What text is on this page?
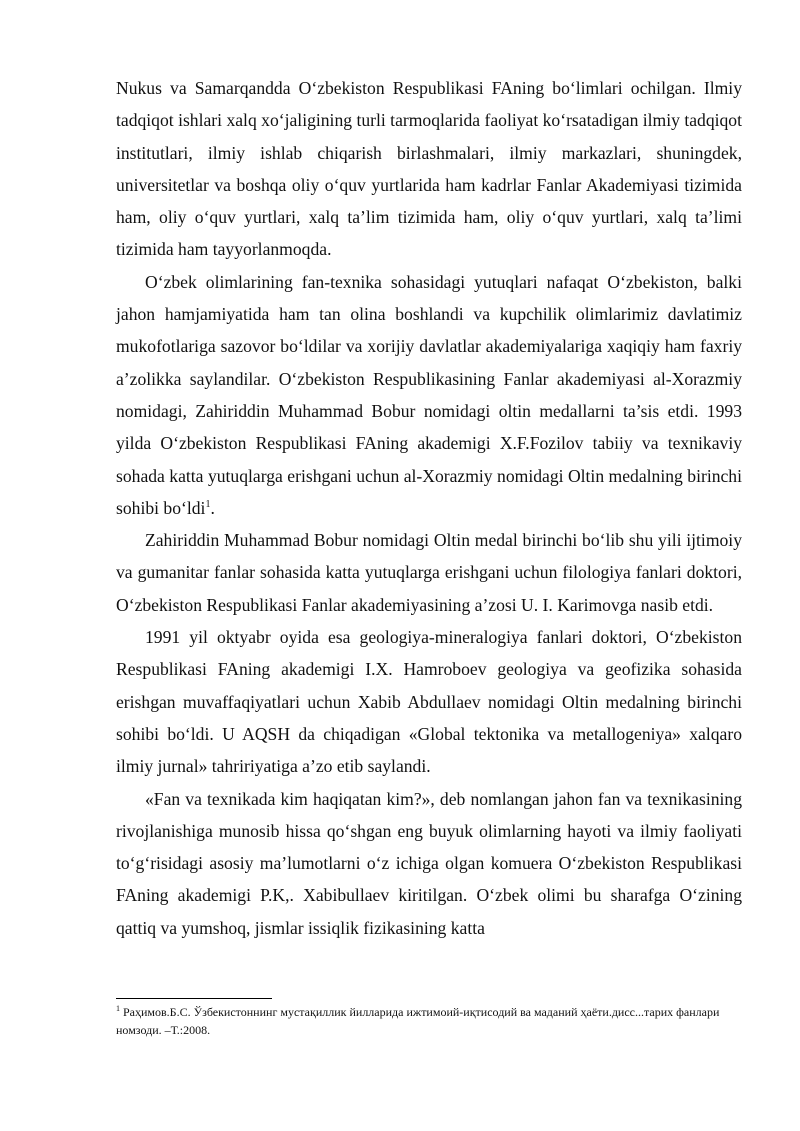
Nukus va Samarqandda O‘zbekiston Respublikasi FAning bo‘limlari ochilgan. Ilmiy tadqiqot ishlari xalq xo‘jaligining turli tarmoqlarida faoliyat ko‘rsatadigan ilmiy tadqiqot institutlari, ilmiy ishlab chiqarish birlashmalari, ilmiy markazlari, shuningdek, universitetlar va boshqa oliy o‘quv yurtlarida ham kadrlar Fanlar Akademiyasi tizimida ham, oliy o‘quv yurtlari, xalq ta’lim tizimida ham, oliy o‘quv yurtlari, xalq ta’limi tizimida ham tayyorlanmoqda.

O‘zbek olimlarining fan-texnika sohasidagi yutuqlari nafaqat O‘zbekiston, balki jahon hamjamiyatida ham tan olina boshlandi va kupchilik olimlarimiz davlatimiz mukofotlariga sazovor bo‘ldilar va xorijiy davlatlar akademiyalariga xaqiqiy ham faxriy a’zolikka saylandilar. O‘zbekiston Respublikasining Fanlar akademiyasi al-Xorazmiy nomidagi, Zahiriddin Muhammad Bobur nomidagi oltin medallarni ta’sis etdi. 1993 yilda O‘zbekiston Respublikasi FAning akademigi X.F.Fozilov tabiiy va texnikaviy sohada katta yutuqlarga erishgani uchun al-Xorazmiy nomidagi Oltin medalning birinchi sohibi bo‘ldi$^1$.

Zahiriddin Muhammad Bobur nomidagi Oltin medal birinchi bo‘lib shu yili ijtimoiy va gumanitar fanlar sohasida katta yutuqlarga erishgani uchun filologiya fanlari doktori, O‘zbekiston Respublikasi Fanlar akademiyasining a’zosi U. I. Karimovga nasib etdi.

1991 yil oktyabr oyida esa geologiya-mineralogiya fanlari doktori, O‘zbekiston Respublikasi FAning akademigi I.X. Hamroboev geologiya va geofizika sohasida erishgan muvaffaqiyatlari uchun Xabib Abdullaev nomidagi Oltin medalning birinchi sohibi bo‘ldi. U AQSH da chiqadigan «Global tektonika va metallogeniya» xalqaro ilmiy jurnal» tahririyatiga a’zo etib saylandi.

«Fan va texnikada kim haqiqatan kim?», deb nomlangan jahon fan va texnikasining rivojlanishiga munosib hissa qo‘shgan eng buyuk olimlarning hayoti va ilmiy faoliyati to‘g‘risidagi asosiy ma’lumotlarni o‘z ichiga olgan komuera O‘zbekiston Respublikasi FAning akademigi P.K,. Xabibullaev kiritilgan. O‘zbek olimi bu sharafga O‘zining qattiq va yumshoq, jismlar issiqlik fizikasining katta

$^1$ Раҳимов.Б.С. Ўзбекистоннинг мустақиллик йилларида ижтимоий-иқтисодий ва маданий ҳаёти.дисс...тарих фанлари номзоди. –Т.:2008.
